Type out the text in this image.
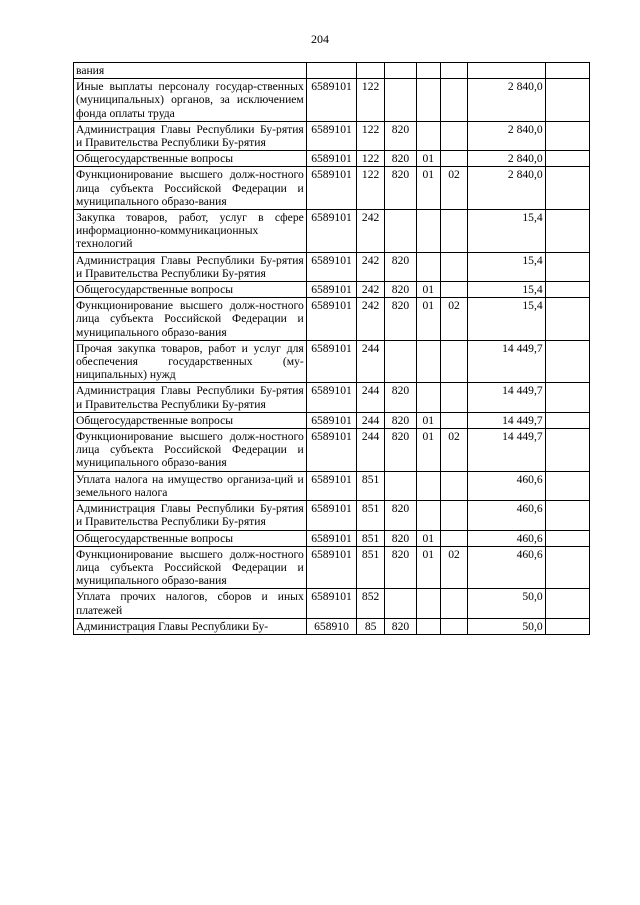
204
вания							
Иные выплаты персоналу государ-ственных (муниципальных) органов, за исключением фонда оплаты труда	6589101	122				2 840,0	
Администрация Главы Республики Бу-рятия и Правительства Республики Бу-рятия	6589101	122	820			2 840,0	
Общегосударственные вопросы	6589101	122	820	01		2 840,0	
Функционирование высшего долж-ностного лица субъекта Российской Федерации и муниципального образо-вания	6589101	122	820	01	02	2 840,0	
Закупка товаров, работ, услуг в сфере информационно-коммуникационных технологий	6589101	242				15,4	
Администрация Главы Республики Бу-рятия и Правительства Республики Бу-рятия	6589101	242	820			15,4	
Общегосударственные вопросы	6589101	242	820	01		15,4	
Функционирование высшего долж-ностного лица субъекта Российской Федерации и муниципального образо-вания	6589101	242	820	01	02	15,4	
Прочая закупка товаров, работ и услуг для обеспечения государственных (му-ниципальных) нужд	6589101	244				14 449,7	
Администрация Главы Республики Бу-рятия и Правительства Республики Бу-рятия	6589101	244	820			14 449,7	
Общегосударственные вопросы	6589101	244	820	01		14 449,7	
Функционирование высшего долж-ностного лица субъекта Российской Федерации и муниципального образо-вания	6589101	244	820	01	02	14 449,7	
Уплата налога на имущество организа-ций и земельного налога	6589101	851				460,6	
Администрация Главы Республики Бу-рятия и Правительства Республики Бу-рятия	6589101	851	820			460,6	
Общегосударственные вопросы	6589101	851	820	01		460,6	
Функционирование высшего долж-ностного лица субъекта Российской Федерации и муниципального образо-вания	6589101	851	820	01	02	460,6	
Уплата прочих налогов, сборов и иных платежей	6589101	852				50,0	
Администрация Главы Республики Бу-	658910	85	820			50,0	
